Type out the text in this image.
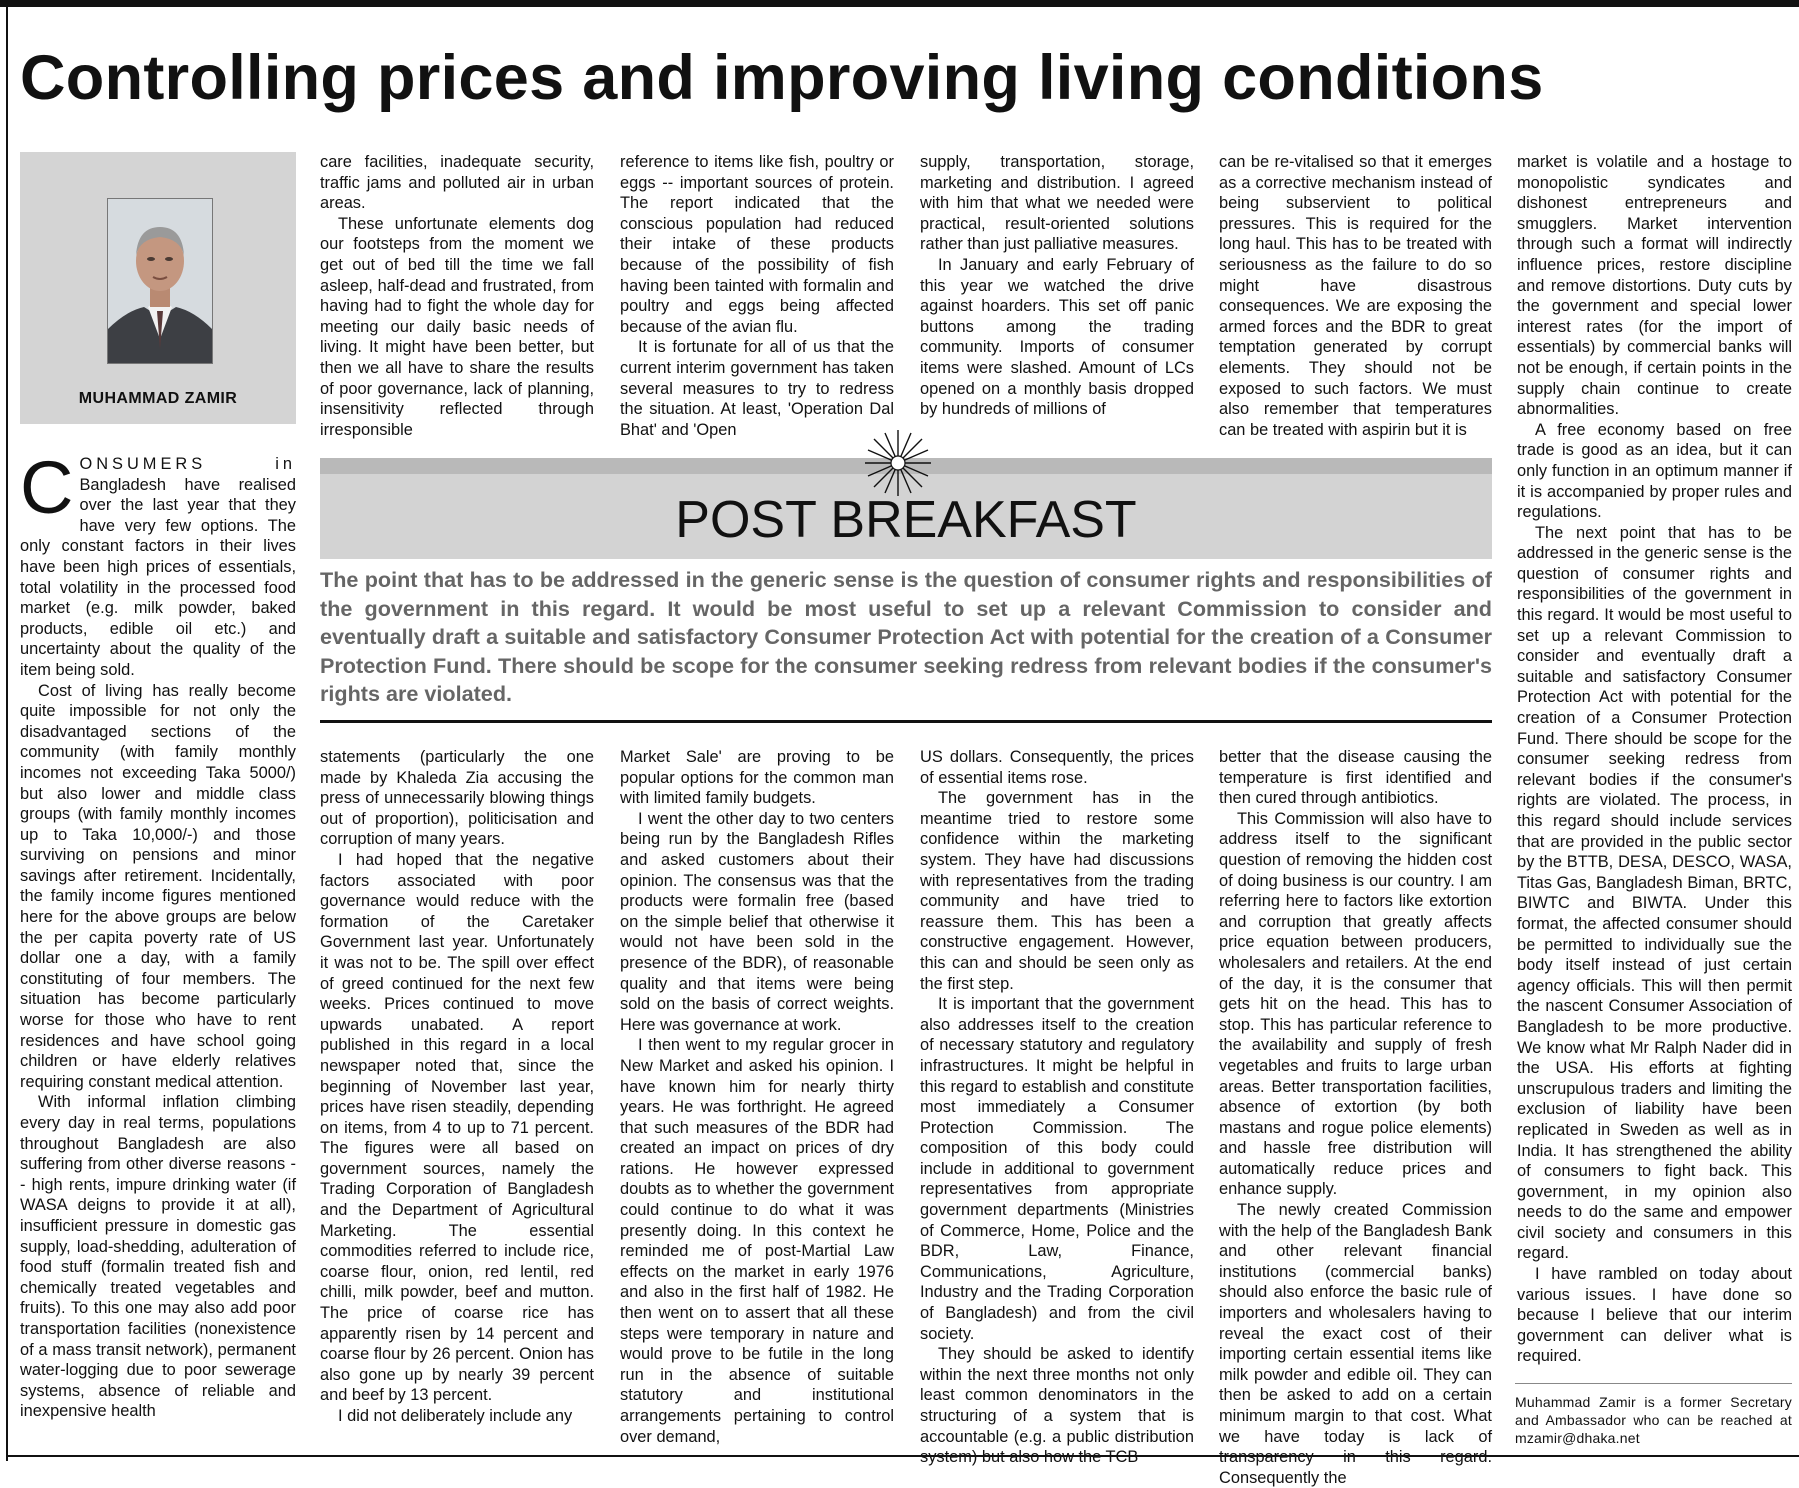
Controlling prices and improving living conditions
MUHAMMAD ZAMIR

CONSUMERS in Bangladesh have realised over the last year that they have very few options. The only constant factors in their lives have been high prices of essentials, total volatility in the processed food market (e.g. milk powder, baked products, edible oil etc.) and uncertainty about the quality of the item being sold.

Cost of living has really become quite impossible for not only the disadvantaged sections of the community (with family monthly incomes not exceeding Taka 5000/) but also lower and middle class groups (with family monthly incomes up to Taka 10,000/-) and those surviving on pensions and minor savings after retirement. Incidentally, the family income figures mentioned here for the above groups are below the per capita poverty rate of US dollar one a day, with a family constituting of four members. The situation has become particularly worse for those who have to rent residences and have school going children or have elderly relatives requiring constant medical attention.

With informal inflation climbing every day in real terms, populations throughout Bangladesh are also suffering from other diverse reasons -- high rents, impure drinking water (if WASA deigns to provide it at all), insufficient pressure in domestic gas supply, load-shedding, adulteration of food stuff (formalin treated fish and chemically treated vegetables and fruits). To this one may also add poor transportation facilities (nonexistence of a mass transit network), permanent water-logging due to poor sewerage systems, absence of reliable and inexpensive health

care facilities, inadequate security, traffic jams and polluted air in urban areas.

These unfortunate elements dog our footsteps from the moment we get out of bed till the time we fall asleep, half-dead and frustrated, from having had to fight the whole day for meeting our daily basic needs of living. It might have been better, but then we all have to share the results of poor governance, lack of planning, insensitivity reflected through irresponsible

reference to items like fish, poultry or eggs -- important sources of protein. The report indicated that the conscious population had reduced their intake of these products because of the possibility of fish having been tainted with formalin and poultry and eggs being affected because of the avian flu.

It is fortunate for all of us that the current interim government has taken several measures to try to redress the situation. At least, 'Operation Dal Bhat' and 'Open

supply, transportation, storage, marketing and distribution. I agreed with him that what we needed were practical, result-oriented solutions rather than just palliative measures.

In January and early February of this year we watched the drive against hoarders. This set off panic buttons among the trading community. Imports of consumer items were slashed. Amount of LCs opened on a monthly basis dropped by hundreds of millions of

can be re-vitalised so that it emerges as a corrective mechanism instead of being subservient to political pressures. This is required for the long haul. This has to be treated with seriousness as the failure to do so might have disastrous consequences. We are exposing the armed forces and the BDR to great temptation generated by corrupt elements. They should not be exposed to such factors. We must also remember that temperatures can be treated with aspirin but it is

POST BREAKFAST
The point that has to be addressed in the generic sense is the question of consumer rights and responsibilities of the government in this regard. It would be most useful to set up a relevant Commission to consider and eventually draft a suitable and satisfactory Consumer Protection Act with potential for the creation of a Consumer Protection Fund. There should be scope for the consumer seeking redress from relevant bodies if the consumer's rights are violated.

statements (particularly the one made by Khaleda Zia accusing the press of unnecessarily blowing things out of proportion), politicisation and corruption of many years.

I had hoped that the negative factors associated with poor governance would reduce with the formation of the Caretaker Government last year. Unfortunately it was not to be. The spill over effect of greed continued for the next few weeks. Prices continued to move upwards unabated. A report published in this regard in a local newspaper noted that, since the beginning of November last year, prices have risen steadily, depending on items, from 4 to up to 71 percent. The figures were all based on government sources, namely the Trading Corporation of Bangladesh and the Department of Agricultural Marketing. The essential commodities referred to include rice, coarse flour, onion, red lentil, red chilli, milk powder, beef and mutton. The price of coarse rice has apparently risen by 14 percent and coarse flour by 26 percent. Onion has also gone up by nearly 39 percent and beef by 13 percent.

I did not deliberately include any

Market Sale' are proving to be popular options for the common man with limited family budgets.

I went the other day to two centers being run by the Bangladesh Rifles and asked customers about their opinion. The consensus was that the products were formalin free (based on the simple belief that otherwise it would not have been sold in the presence of the BDR), of reasonable quality and that items were being sold on the basis of correct weights. Here was governance at work.

I then went to my regular grocer in New Market and asked his opinion. I have known him for nearly thirty years. He was forthright. He agreed that such measures of the BDR had created an impact on prices of dry rations. He however expressed doubts as to whether the government could continue to do what it was presently doing. In this context he reminded me of post-Martial Law effects on the market in early 1976 and also in the first half of 1982. He then went on to assert that all these steps were temporary in nature and would prove to be futile in the long run in the absence of suitable statutory and institutional arrangements pertaining to control over demand,

US dollars. Consequently, the prices of essential items rose.

The government has in the meantime tried to restore some confidence within the marketing system. They have had discussions with representatives from the trading community and have tried to reassure them. This has been a constructive engagement. However, this can and should be seen only as the first step.

It is important that the government also addresses itself to the creation of necessary statutory and regulatory infrastructures. It might be helpful in this regard to establish and constitute most immediately a Consumer Protection Commission. The composition of this body could include in additional to government representatives from appropriate government departments (Ministries of Commerce, Home, Police and the BDR, Law, Finance, Communications, Agriculture, Industry and the Trading Corporation of Bangladesh) and from the civil society.

They should be asked to identify within the next three months not only least common denominators in the structuring of a system that is accountable (e.g. a public distribution system) but also how the TCB

better that the disease causing the temperature is first identified and then cured through antibiotics.

This Commission will also have to address itself to the significant question of removing the hidden cost of doing business is our country. I am referring here to factors like extortion and corruption that greatly affects price equation between producers, wholesalers and retailers. At the end of the day, it is the consumer that gets hit on the head. This has to stop. This has particular reference to the availability and supply of fresh vegetables and fruits to large urban areas. Better transportation facilities, absence of extortion (by both mastans and rogue police elements) and hassle free distribution will automatically reduce prices and enhance supply.

The newly created Commission with the help of the Bangladesh Bank and other relevant financial institutions (commercial banks) should also enforce the basic rule of importers and wholesalers having to reveal the exact cost of their importing certain essential items like milk powder and edible oil. They can then be asked to add on a certain minimum margin to that cost. What we have today is lack of transparency in this regard. Consequently the

market is volatile and a hostage to monopolistic syndicates and dishonest entrepreneurs and smugglers. Market intervention through such a format will indirectly influence prices, restore discipline and remove distortions. Duty cuts by the government and special lower interest rates (for the import of essentials) by commercial banks will not be enough, if certain points in the supply chain continue to create abnormalities.

A free economy based on free trade is good as an idea, but it can only function in an optimum manner if it is accompanied by proper rules and regulations.

The next point that has to be addressed in the generic sense is the question of consumer rights and responsibilities of the government in this regard. It would be most useful to set up a relevant Commission to consider and eventually draft a suitable and satisfactory Consumer Protection Act with potential for the creation of a Consumer Protection Fund. There should be scope for the consumer seeking redress from relevant bodies if the consumer's rights are violated. The process, in this regard should include services that are provided in the public sector by the BTTB, DESA, DESCO, WASA, Titas Gas, Bangladesh Biman, BRTC, BIWTC and BIWTA. Under this format, the affected consumer should be permitted to individually sue the body itself instead of just certain agency officials. This will then permit the nascent Consumer Association of Bangladesh to be more productive. We know what Mr Ralph Nader did in the USA. His efforts at fighting unscrupulous traders and limiting the exclusion of liability have been replicated in Sweden as well as in India. It has strengthened the ability of consumers to fight back. This government, in my opinion also needs to do the same and empower civil society and consumers in this regard.

I have rambled on today about various issues. I have done so because I believe that our interim government can deliver what is required.

Muhammad Zamir is a former Secretary and Ambassador who can be reached at mzamir@dhaka.net
